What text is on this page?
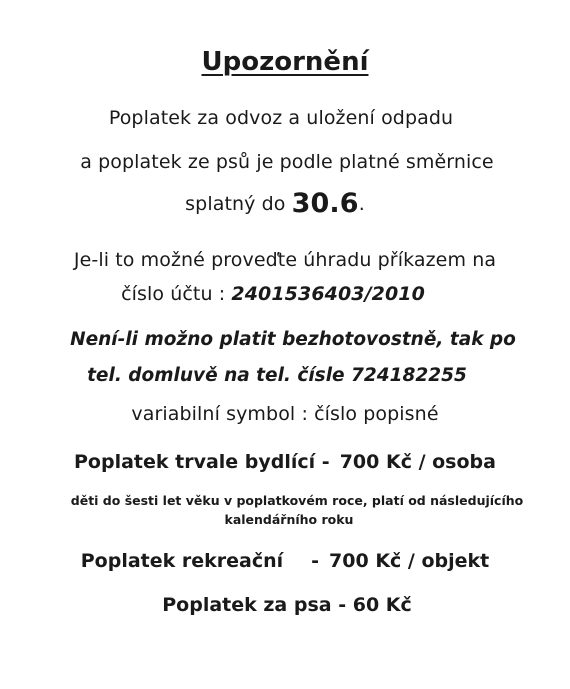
Upozornění
Poplatek za odvoz a uložení odpadu
a poplatek ze psů je podle platné směrnice
splatný do 30.6.
Je-li to možné proveďte úhradu příkazem na
číslo účtu : 2401536403/2010
Není-li možno platit bezhotovostně, tak po
tel. domluvě na tel. čísle 724182255
variabilní symbol : číslo popisné
Poplatek trvale bydlící - 700 Kč / osoba
děti do šesti let věku v poplatkovém roce, platí od následujícího
kalendářního roku
Poplatek rekreační - 700 Kč / objekt
Poplatek za psa - 60 Kč
